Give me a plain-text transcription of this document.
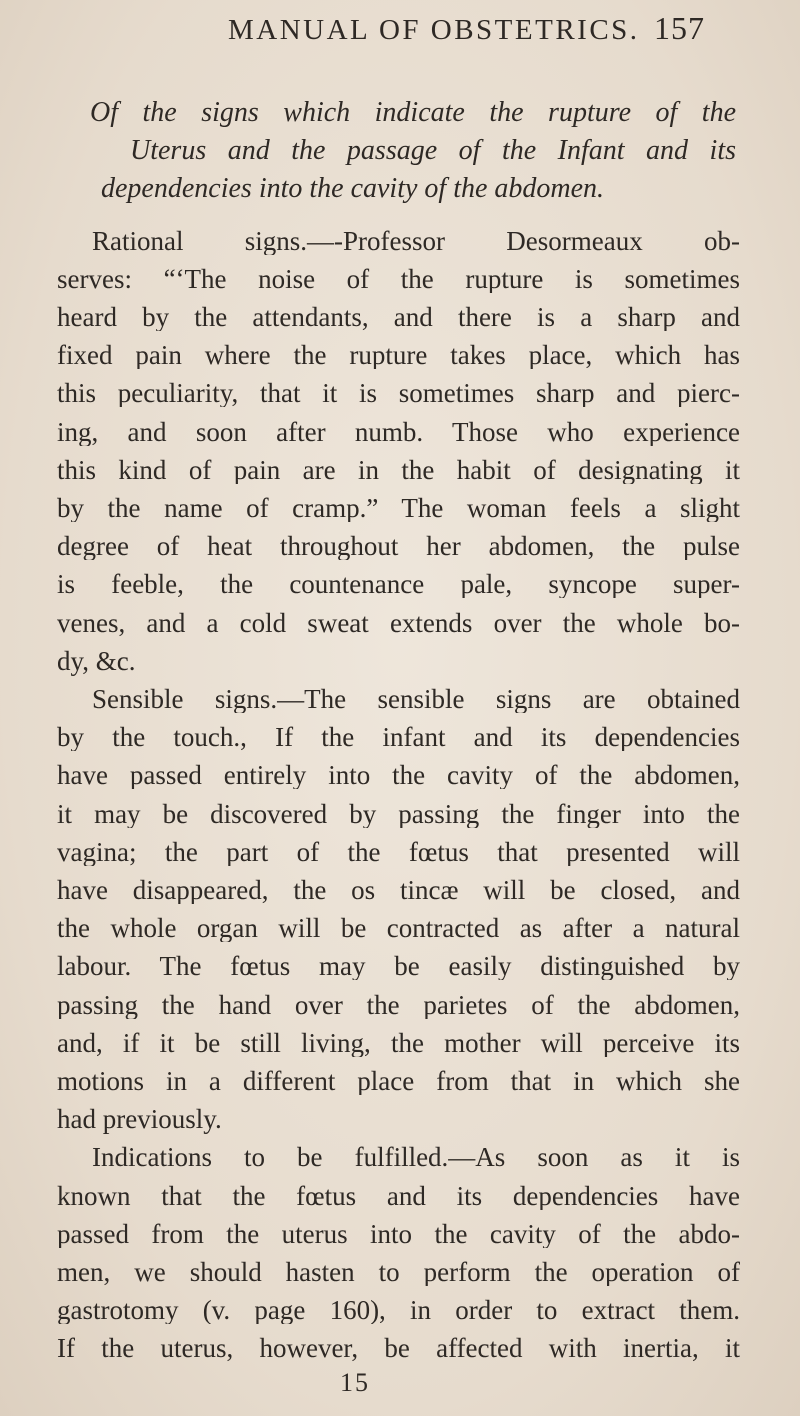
MANUAL OF OBSTETRICS. 157
Of the signs which indicate the rupture of the
Uterus and the passage of the Infant and its
dependencies into the cavity of the abdomen.
Rational signs.—-Professor Desormeaux ob-
serves: “‘The noise of the rupture is sometimes
heard by the attendants, and there is a sharp and
fixed pain where the rupture takes place, which has
this peculiarity, that it is sometimes sharp and pierc-
ing, and soon after numb. Those who experience
this kind of pain are in the habit of designating it
by the name of cramp.” The woman feels a slight
degree of heat throughout her abdomen, the pulse
is feeble, the countenance pale, syncope super-
venes, and a cold sweat extends over the whole bo-
dy, &c.
Sensible signs.—The sensible signs are obtained
by the touch., If the infant and its dependencies
have passed entirely into the cavity of the abdomen,
it may be discovered by passing the finger into the
vagina; the part of the fœtus that presented will
have disappeared, the os tincæ will be closed, and
the whole organ will be contracted as after a natural
labour. The fœtus may be easily distinguished by
passing the hand over the parietes of the abdomen,
and, if it be still living, the mother will perceive its
motions in a different place from that in which she
had previously.
Indications to be fulfilled.—As soon as it is
known that the fœtus and its dependencies have
passed from the uterus into the cavity of the abdo-
men, we should hasten to perform the operation of
gastrotomy (v. page 160), in order to extract them.
If the uterus, however, be affected with inertia, it
15
